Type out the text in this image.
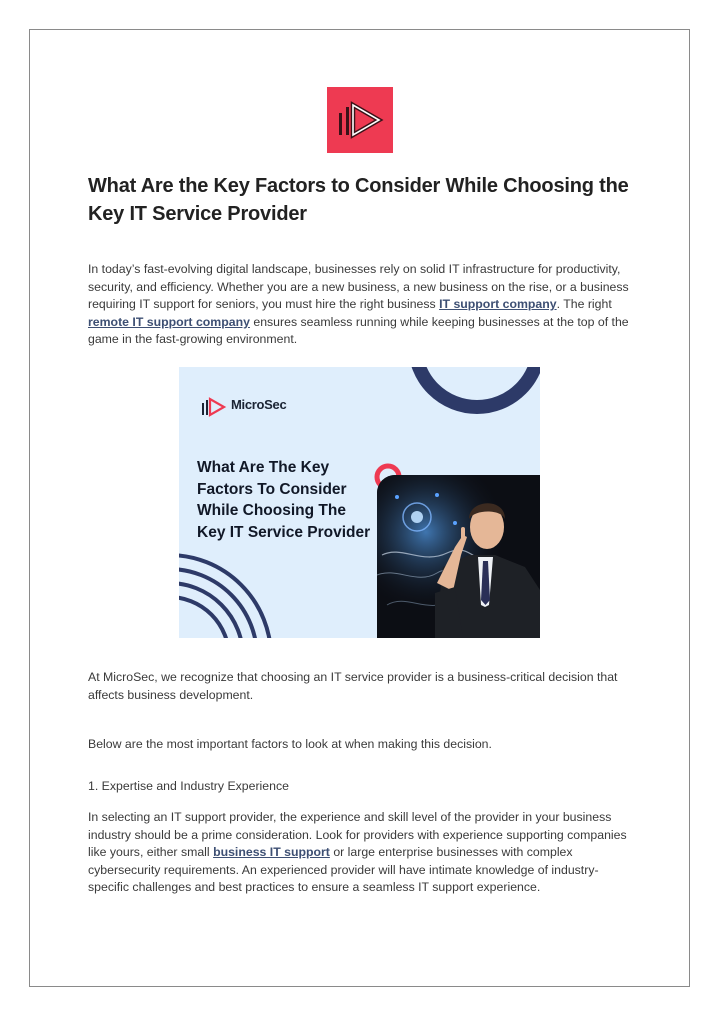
What Are the Key Factors to Consider While Choosing the Key IT Service Provider

In today’s fast-evolving digital landscape, businesses rely on solid IT infrastructure for productivity, security, and efficiency. Whether you are a new business, a new business on the rise, or a business requiring IT support for seniors, you must hire the right business IT support company. The right remote IT support company ensures seamless running while keeping businesses at the top of the game in the fast-growing environment.

MicroSec
What Are The Key Factors To Consider While Choosing The Key IT Service Provider

At MicroSec, we recognize that choosing an IT service provider is a business-critical decision that affects business development.

Below are the most important factors to look at when making this decision.

1. Expertise and Industry Experience

In selecting an IT support provider, the experience and skill level of the provider in your business industry should be a prime consideration. Look for providers with experience supporting companies like yours, either small business IT support or large enterprise businesses with complex cybersecurity requirements. An experienced provider will have intimate knowledge of industry-specific challenges and best practices to ensure a seamless IT support experience.
